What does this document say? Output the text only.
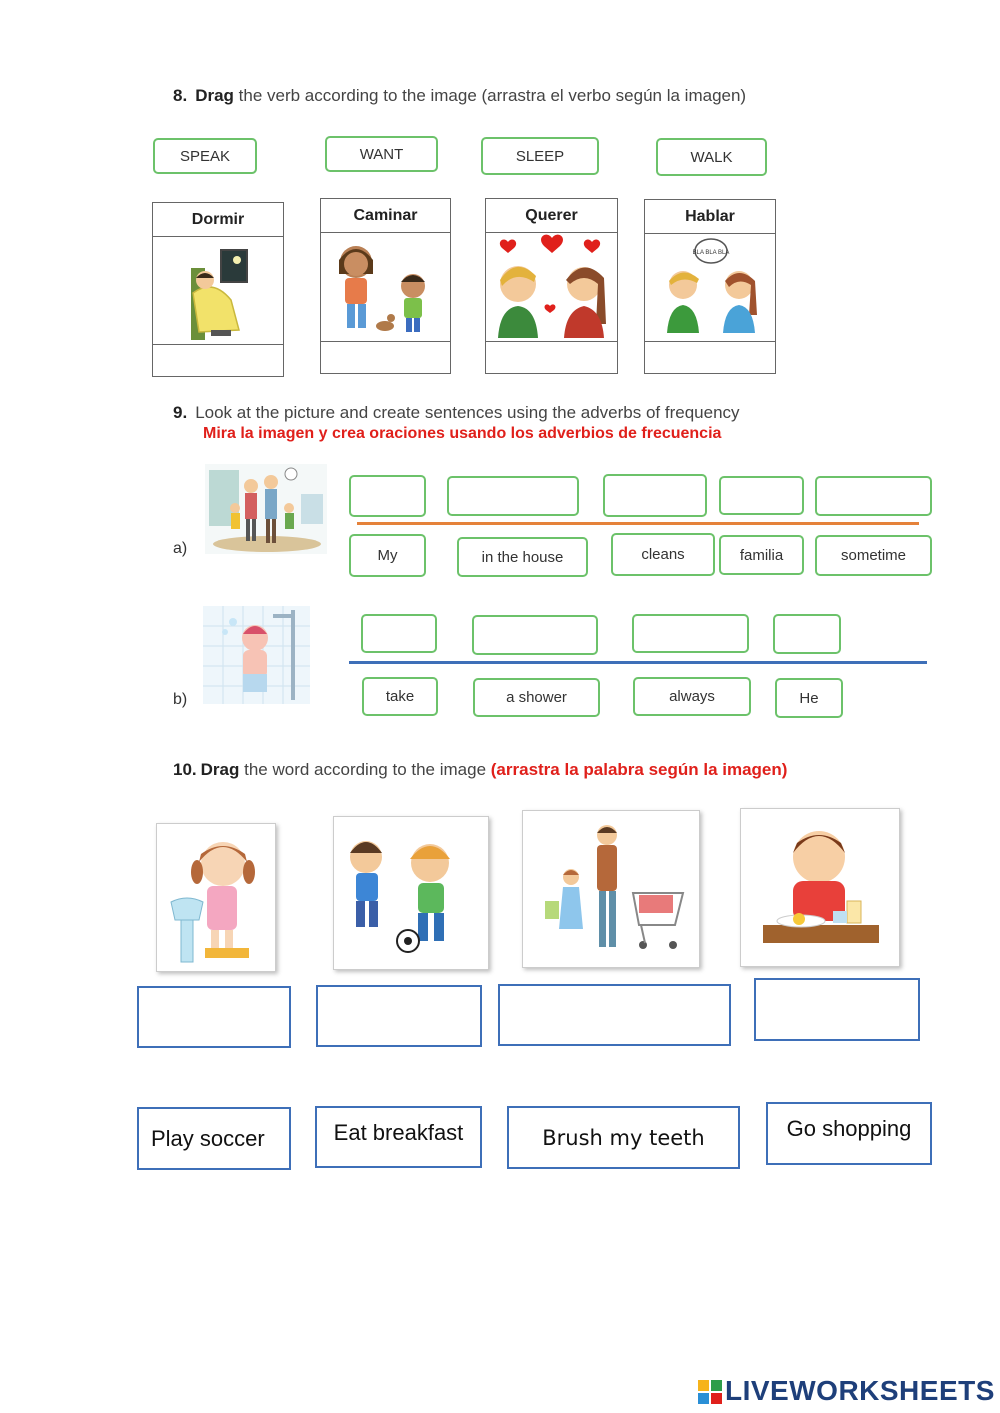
8. Drag the verb according to the image (arrastra el verbo según la imagen)
SPEAK	WANT	SLEEP	WALK
Dormir	Caminar	Querer	Hablar
BLA BLA BLA
9. Look at the picture and create sentences using the adverbs of frequency
Mira la imagen y crea oraciones usando los adverbios de frecuencia
a)	My	in the house	cleans	familia	sometime
b)	take	a shower	always	He
10. Drag the word according to the image (arrastra la palabra según la imagen)
Play soccer	Eat breakfast	Brush my teeth	Go shopping
LIVEWORKSHEETS
